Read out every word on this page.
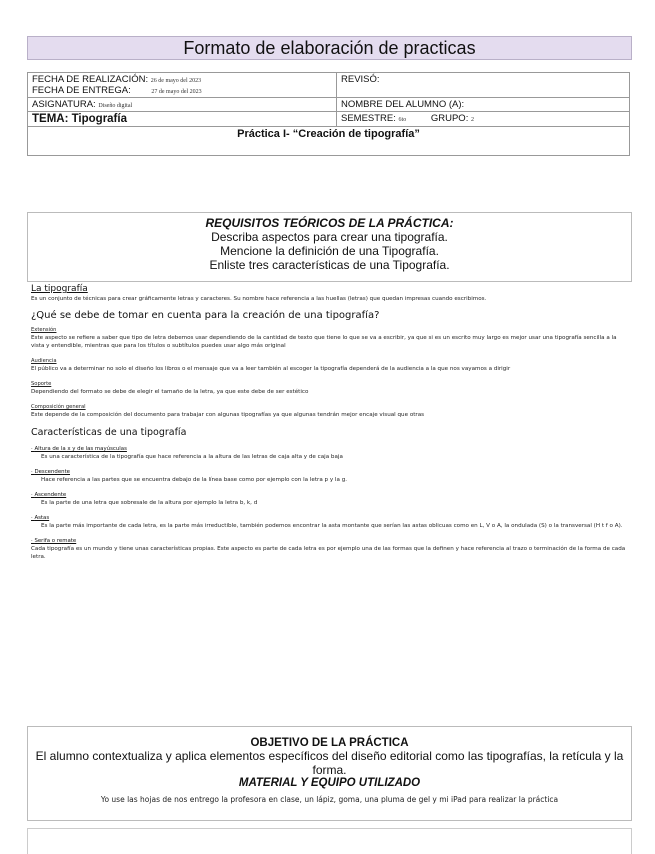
Formato de elaboración de practicas
FECHA DE REALIZACIÓN: 26 de mayo del 2023
FECHA DE ENTREGA: 27 de mayo del 2023	REVISÓ:
ASIGNATURA: Diseño digital	NOMBRE DEL ALUMNO (A):
TEMA: Tipografía	SEMESTRE: 6to GRUPO: 2
Práctica I- “Creación de tipografía”	
REQUISITOS TEÓRICOS DE LA PRÁCTICA:
Describa aspectos para crear una tipografía.
Mencione la definición de una Tipografía.
Enliste tres características de una Tipografía.

La tipografía

Es un conjunto de técnicas para crear gráficamente letras y caracteres. Su nombre hace referencia a las huellas (letras) que quedan impresas cuando escribimos.

¿Qué se debe de tomar en cuenta para la creación de una tipografía?

Extensión

Este aspecto se refiere a saber que tipo de letra debemos usar dependiendo de la cantidad de texto que tiene lo que se va a escribir, ya que si es un escrito muy largo es mejor usar una tipografía sencilla a la vista y entendible, mientras que para los títulos o subtítulos puedes usar algo más original

Audiencia

El público va a determinar no solo el diseño los libros o el mensaje que va a leer también al escoger la tipografía dependerá de la audiencia a la que nos vayamos a dirigir

Soporte

Dependiendo del formato se debe de elegir el tamaño de la letra, ya que este debe de ser estético

Composición general

Este depende de la composición del documento para trabajar con algunas tipografías ya que algunas tendrán mejor encaje visual que otras

Características de una tipografía

· Altura de la x y de las mayúsculas

Es una característica de la tipografía que hace referencia a la altura de las letras de caja alta y de caja baja

· Descendente

Hace referencia a las partes que se encuentra debajo de la línea base como por ejemplo con la letra p y la g.

· Ascendente

Es la parte de una letra que sobresale de la altura por ejemplo la letra b, k, d

· Astas

Es la parte más importante de cada letra, es la parte más irreductible, también podemos encontrar la asta montante que serían las astas oblicuas como en L, V o A, la ondulada (S) o la transversal (H t f o A).

· Serifa o remate

Cada tipografía es un mundo y tiene unas características propias. Este aspecto es parte de cada letra es por ejemplo una de las formas que la definen y hace referencia al trazo o terminación de la forma de cada letra.

OBJETIVO DE LA PRÁCTICA
El alumno contextualiza y aplica elementos específicos del diseño editorial como las tipografías, la retícula y la forma.
MATERIAL Y EQUIPO UTILIZADO
Yo use las hojas de nos entrego la profesora en clase, un lápiz, goma, una pluma de gel y mi iPad para realizar la práctica
